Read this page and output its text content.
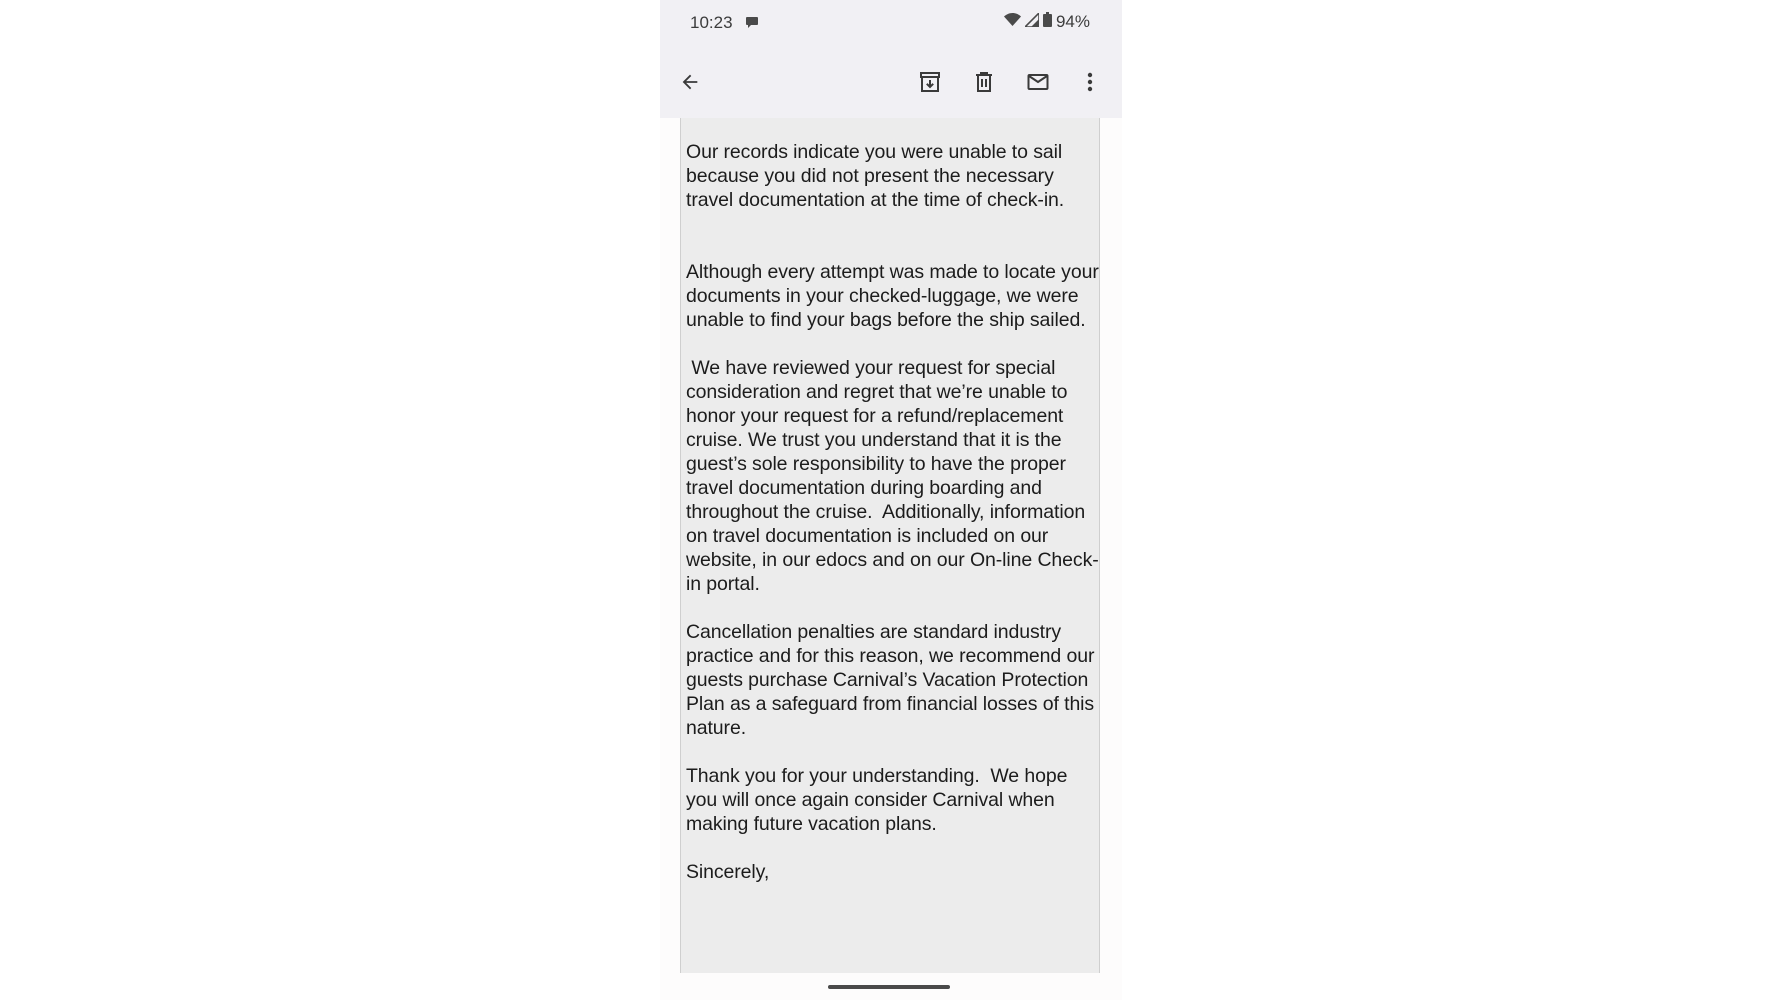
10:23	94%

Our records indicate you were unable to sail because you did not present the necessary travel documentation at the time of check-in.

Although every attempt was made to locate your documents in your checked-luggage, we were unable to find your bags before the ship sailed.

We have reviewed your request for special consideration and regret that we’re unable to honor your request for a refund/replacement cruise. We trust you understand that it is the guest’s sole responsibility to have the proper travel documentation during boarding and throughout the cruise.  Additionally, information on travel documentation is included on our website, in our edocs and on our On-line Check-in portal.

Cancellation penalties are standard industry practice and for this reason, we recommend our guests purchase Carnival’s Vacation Protection Plan as a safeguard from financial losses of this nature.

Thank you for your understanding.  We hope you will once again consider Carnival when making future vacation plans.

Sincerely,
